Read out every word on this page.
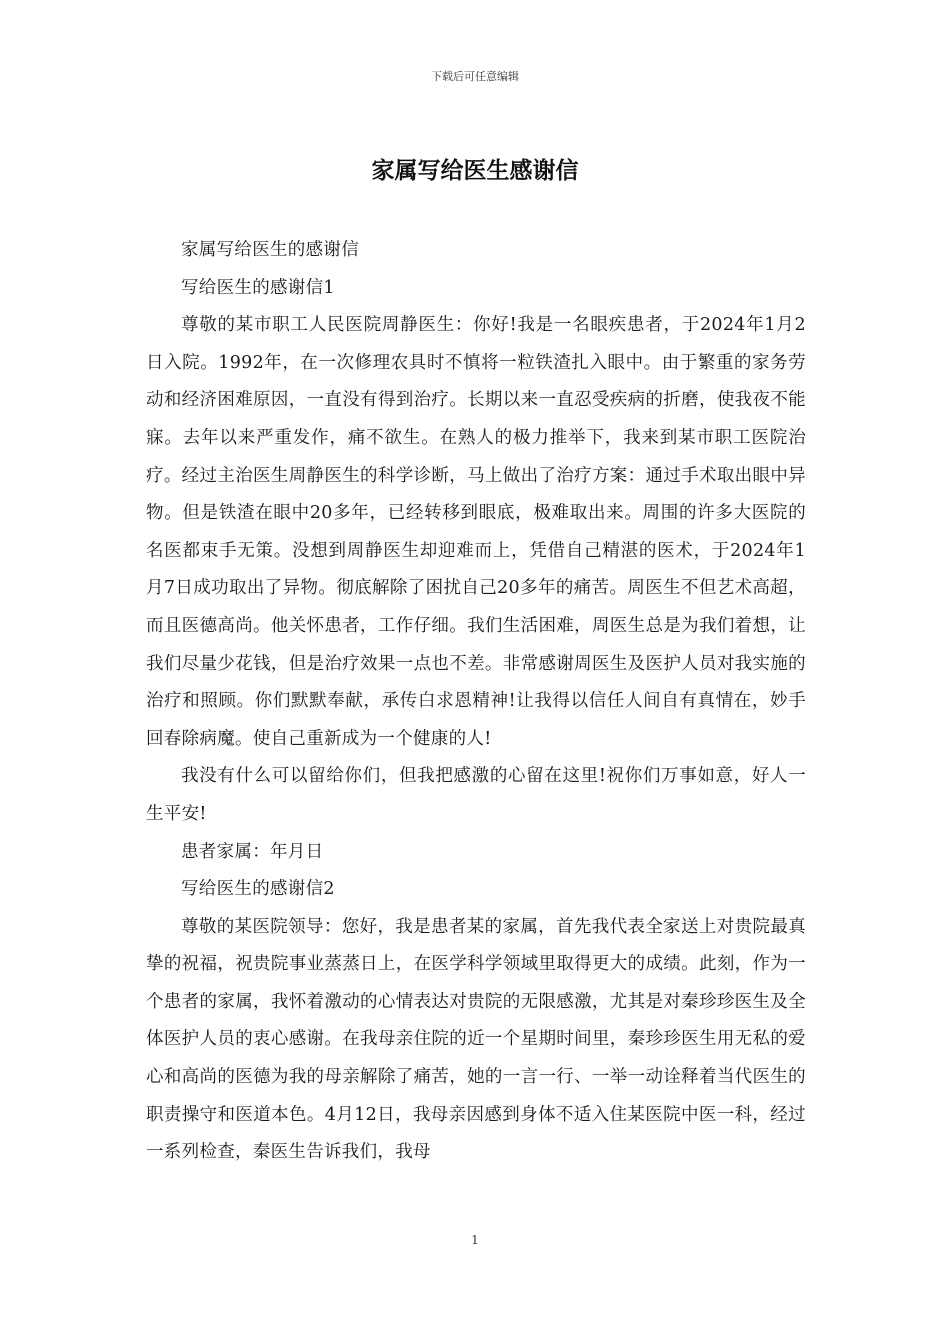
下载后可任意编辑
家属写给医生感谢信

家属写给医生的感谢信

写给医生的感谢信1

尊敬的某市职工人民医院周静医生：你好!我是一名眼疾患者，于2024年1月2日入院。1992年，在一次修理农具时不慎将一粒铁渣扎入眼中。由于繁重的家务劳动和经济困难原因，一直没有得到治疗。长期以来一直忍受疾病的折磨，使我夜不能寐。去年以来严重发作，痛不欲生。在熟人的极力推举下，我来到某市职工医院治疗。经过主治医生周静医生的科学诊断，马上做出了治疗方案：通过手术取出眼中异物。但是铁渣在眼中20多年，已经转移到眼底，极难取出来。周围的许多大医院的名医都束手无策。没想到周静医生却迎难而上，凭借自己精湛的医术，于2024年1月7日成功取出了异物。彻底解除了困扰自己20多年的痛苦。周医生不但艺术高超，而且医德高尚。他关怀患者，工作仔细。我们生活困难，周医生总是为我们着想，让我们尽量少花钱，但是治疗效果一点也不差。非常感谢周医生及医护人员对我实施的治疗和照顾。你们默默奉献，承传白求恩精神!让我得以信任人间自有真情在，妙手回春除病魔。使自己重新成为一个健康的人!

我没有什么可以留给你们，但我把感激的心留在这里!祝你们万事如意，好人一生平安!

患者家属：年月日

写给医生的感谢信2

尊敬的某医院领导：您好，我是患者某的家属，首先我代表全家送上对贵院最真挚的祝福，祝贵院事业蒸蒸日上，在医学科学领域里取得更大的成绩。此刻，作为一个患者的家属，我怀着激动的心情表达对贵院的无限感激，尤其是对秦珍珍医生及全体医护人员的衷心感谢。在我母亲住院的近一个星期时间里，秦珍珍医生用无私的爱心和高尚的医德为我的母亲解除了痛苦，她的一言一行、一举一动诠释着当代医生的职责操守和医道本色。4月12日，我母亲因感到身体不适入住某医院中医一科，经过一系列检查，秦医生告诉我们，我母

1
